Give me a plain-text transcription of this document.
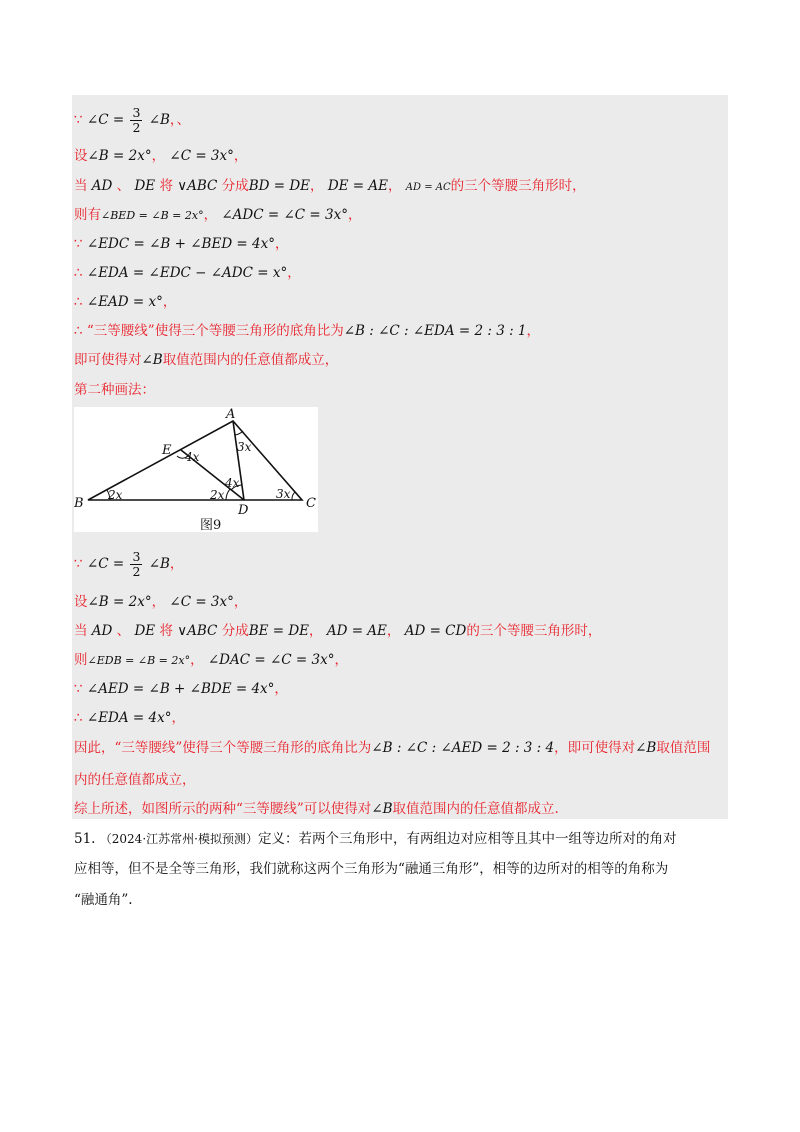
∵ ∠C = $\frac{3}{2}$ ∠B，、
设∠B = 2x°， ∠C = 3x°，
当 AD 、 DE 将 ∨ABC 分成BD = DE， DE = AE， AD = AC的三个等腰三角形时，
则有∠BED = ∠B = 2x°， ∠ADC = ∠C = 3x°，
∵ ∠EDC = ∠B + ∠BED = 4x°，
∴ ∠EDA = ∠EDC − ∠ADC = x°，
∴ ∠EAD = x°，
∴ “三等腰线”使得三个等腰三角形的底角比为∠B : ∠C : ∠EDA = 2 : 3 : 1，
即可使得对∠B取值范围内的任意值都成立，
第二种画法：
A
B	C
D
E
2x
4x
2x
4x
3x
3x
图9
∵ ∠C = $\frac{3}{2}$ ∠B，
设∠B = 2x°， ∠C = 3x°，
当 AD 、 DE 将 ∨ABC 分成BE = DE， AD = AE， AD = CD的三个等腰三角形时，
则∠EDB = ∠B = 2x°， ∠DAC = ∠C = 3x°，
∵ ∠AED = ∠B + ∠BDE = 4x°，
∴ ∠EDA = 4x°，
因此，“三等腰线”使得三个等腰三角形的底角比为∠B : ∠C : ∠AED = 2 : 3 : 4，即可使得对∠B取值范围
内的任意值都成立，
综上所述，如图所示的两种“三等腰线”可以使得对∠B取值范围内的任意值都成立.
51. （2024·江苏常州·模拟预测）定义：若两个三角形中，有两组边对应相等且其中一组等边所对的角对
应相等，但不是全等三角形，我们就称这两个三角形为“融通三角形”，相等的边所对的相等的角称为
“融通角”.
